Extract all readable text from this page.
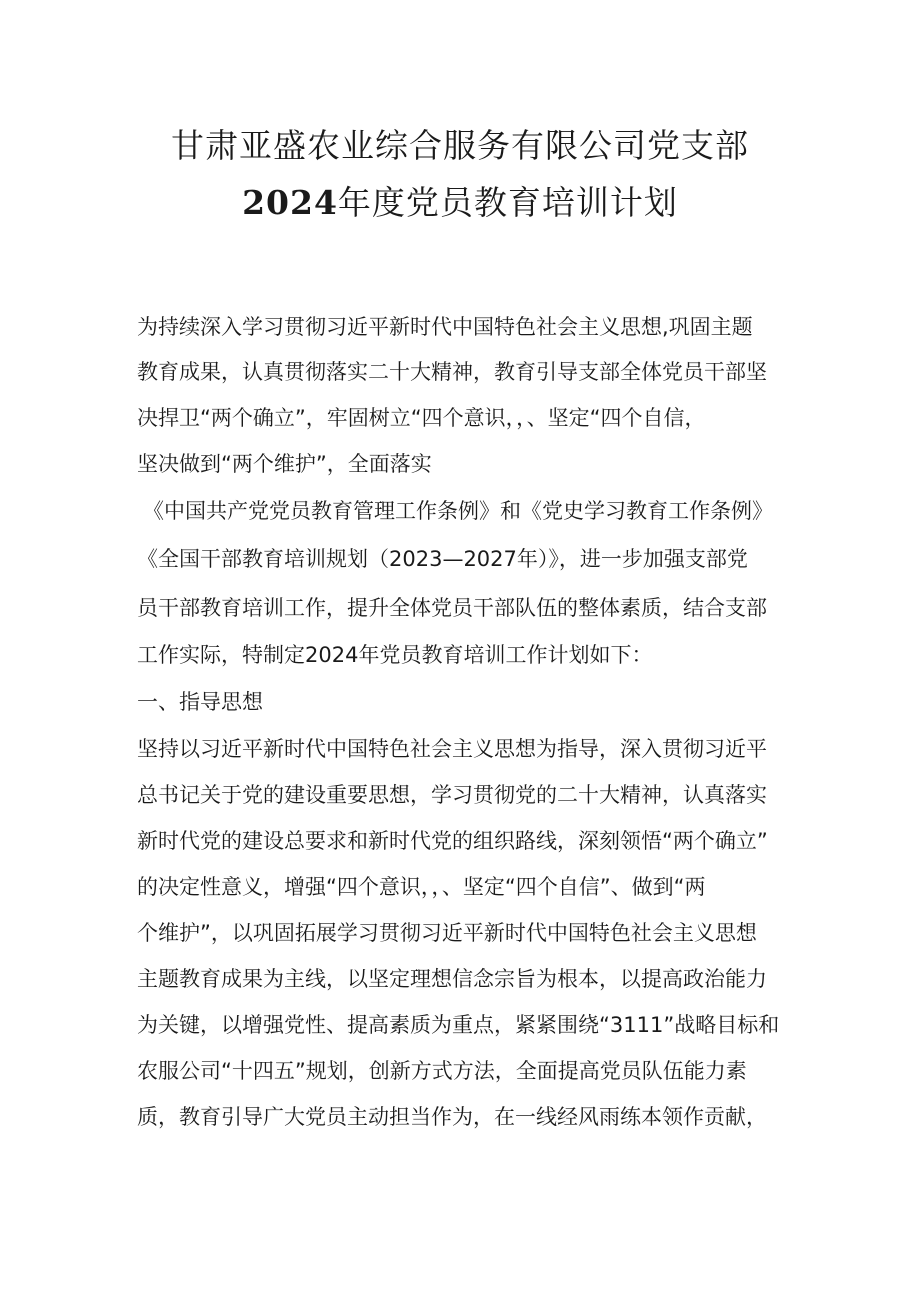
甘肃亚盛农业综合服务有限公司党支部
2024年度党员教育培训计划
为持续深入学习贯彻习近平新时代中国特色社会主义思想,巩固主题
教育成果，认真贯彻落实二十大精神，教育引导支部全体党员干部坚
决捍卫“两个确立”，牢固树立“四个意识，，、坚定“四个自信，
坚决做到“两个维护”，全面落实
《中国共产党党员教育管理工作条例》和《党史学习教育工作条例》
《全国干部教育培训规划（2023—2027年）》，进一步加强支部党
员干部教育培训工作，提升全体党员干部队伍的整体素质，结合支部
工作实际，特制定2024年党员教育培训工作计划如下：
一、指导思想
坚持以习近平新时代中国特色社会主义思想为指导，深入贯彻习近平
总书记关于党的建设重要思想，学习贯彻党的二十大精神，认真落实
新时代党的建设总要求和新时代党的组织路线，深刻领悟“两个确立”
的决定性意义，增强“四个意识，，、坚定“四个自信”、做到“两
个维护”，以巩固拓展学习贯彻习近平新时代中国特色社会主义思想
主题教育成果为主线，以坚定理想信念宗旨为根本，以提高政治能力
为关键，以增强党性、提高素质为重点，紧紧围绕“3111”战略目标和
农服公司“十四五”规划，创新方式方法，全面提高党员队伍能力素
质，教育引导广大党员主动担当作为，在一线经风雨练本领作贡献，
